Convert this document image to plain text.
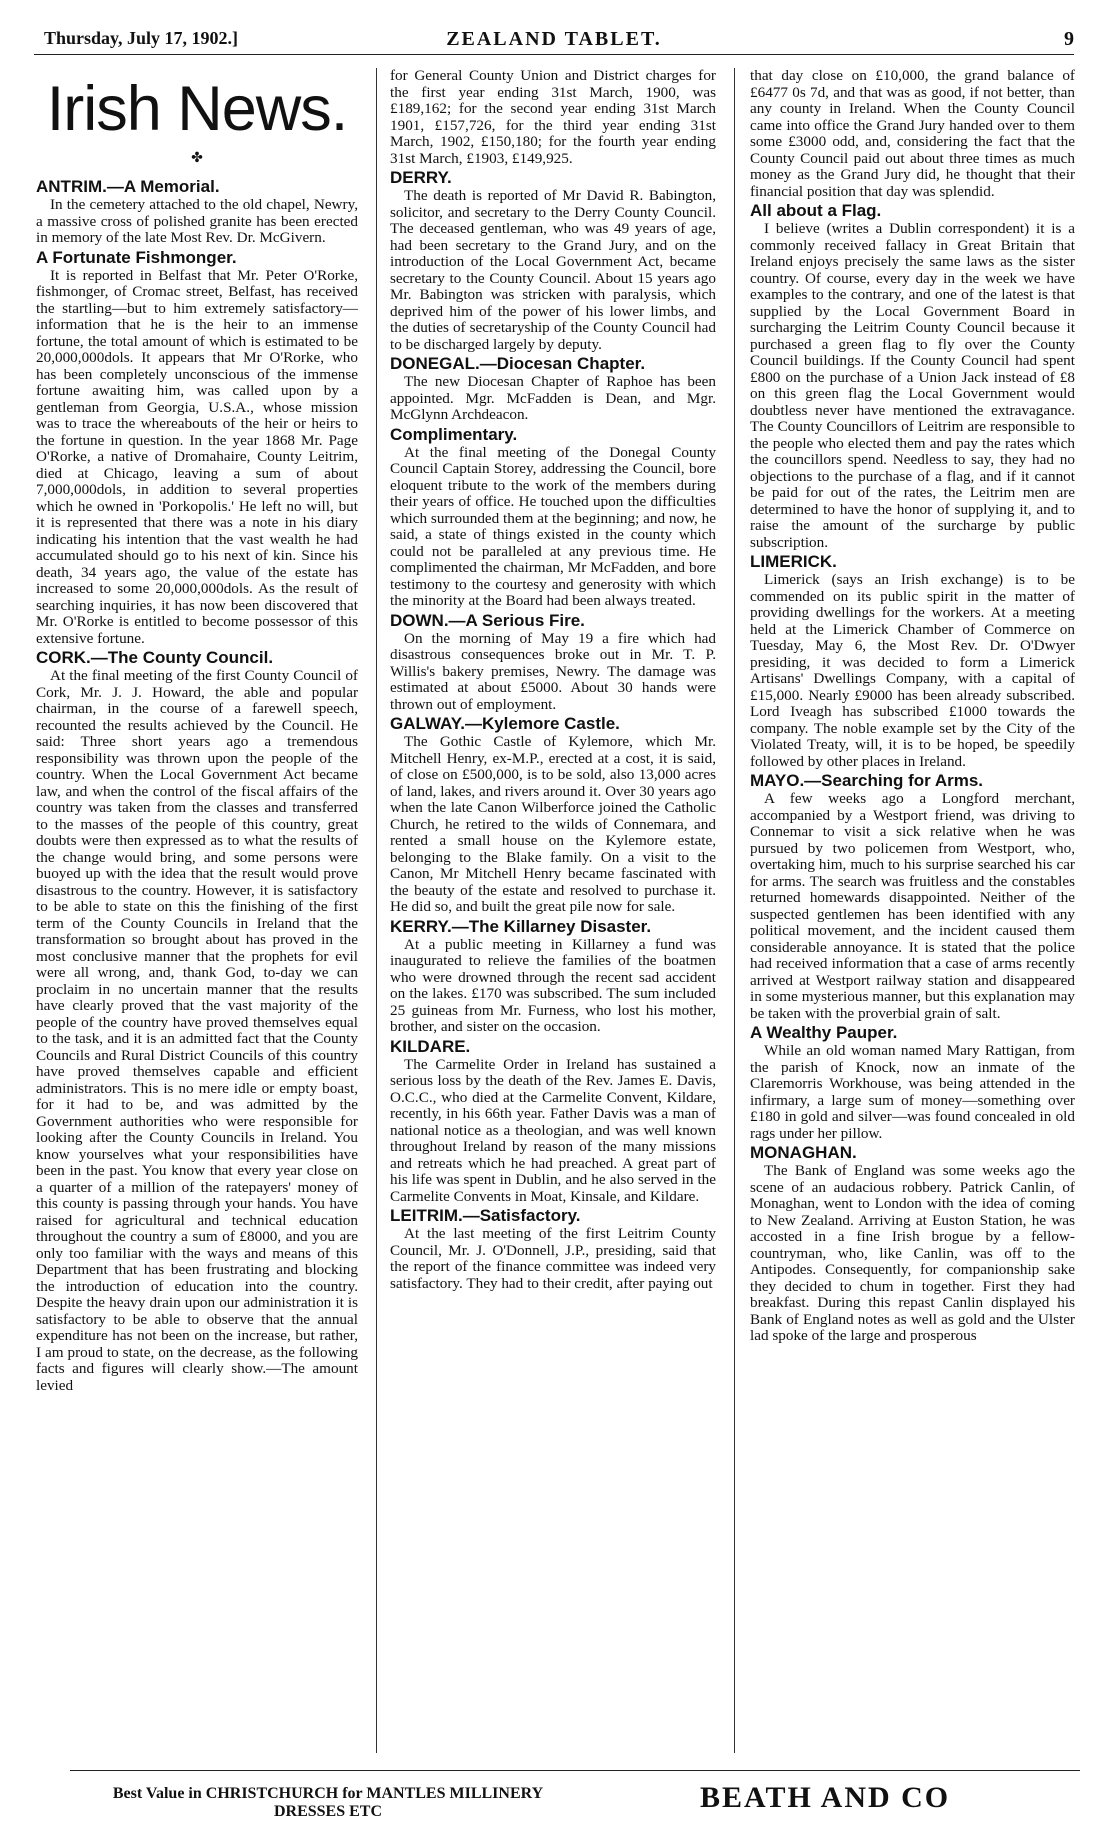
Thursday, July 17, 1902.]	ZEALAND TABLET.	9
Irish News.
✤
ANTRIM.—A Memorial.

In the cemetery attached to the old chapel, Newry, a massive cross of polished granite has been erected in memory of the late Most Rev. Dr. McGivern.

A Fortunate Fishmonger.

It is reported in Belfast that Mr. Peter O'Rorke, fishmonger, of Cromac street, Belfast, has received the startling—but to him extremely satisfactory—information that he is the heir to an immense fortune, the total amount of which is estimated to be 20,000,000dols. It appears that Mr O'Rorke, who has been completely unconscious of the immense fortune awaiting him, was called upon by a gentleman from Georgia, U.S.A., whose mission was to trace the whereabouts of the heir or heirs to the fortune in question. In the year 1868 Mr. Page O'Rorke, a native of Dromahaire, County Leitrim, died at Chicago, leaving a sum of about 7,000,000dols, in addition to several properties which he owned in 'Porkopolis.' He left no will, but it is represented that there was a note in his diary indicating his intention that the vast wealth he had accumulated should go to his next of kin. Since his death, 34 years ago, the value of the estate has increased to some 20,000,000dols. As the result of searching inquiries, it has now been discovered that Mr. O'Rorke is entitled to become possessor of this extensive fortune.

CORK.—The County Council.

At the final meeting of the first County Council of Cork, Mr. J. J. Howard, the able and popular chairman, in the course of a farewell speech, recounted the results achieved by the Council. He said: Three short years ago a tremendous responsibility was thrown upon the people of the country. When the Local Government Act became law, and when the control of the fiscal affairs of the country was taken from the classes and transferred to the masses of the people of this country, great doubts were then expressed as to what the results of the change would bring, and some persons were buoyed up with the idea that the result would prove disastrous to the country. However, it is satisfactory to be able to state on this the finishing of the first term of the County Councils in Ireland that the transformation so brought about has proved in the most conclusive manner that the prophets for evil were all wrong, and, thank God, to-day we can proclaim in no uncertain manner that the results have clearly proved that the vast majority of the people of the country have proved themselves equal to the task, and it is an admitted fact that the County Councils and Rural District Councils of this country have proved themselves capable and efficient administrators. This is no mere idle or empty boast, for it had to be, and was admitted by the Government authorities who were responsible for looking after the County Councils in Ireland. You know yourselves what your responsibilities have been in the past. You know that every year close on a quarter of a million of the ratepayers' money of this county is passing through your hands. You have raised for agricultural and technical education throughout the country a sum of £8000, and you are only too familiar with the ways and means of this Department that has been frustrating and blocking the introduction of education into the country. Despite the heavy drain upon our administration it is satisfactory to be able to observe that the annual expenditure has not been on the increase, but rather, I am proud to state, on the decrease, as the following facts and figures will clearly show.—The amount levied

for General County Union and District charges for the first year ending 31st March, 1900, was £189,162; for the second year ending 31st March 1901, £157,726, for the third year ending 31st March, 1902, £150,180; for the fourth year ending 31st March, £1903, £149,925.

DERRY.

The death is reported of Mr David R. Babington, solicitor, and secretary to the Derry County Council. The deceased gentleman, who was 49 years of age, had been secretary to the Grand Jury, and on the introduction of the Local Government Act, became secretary to the County Council. About 15 years ago Mr. Babington was stricken with paralysis, which deprived him of the power of his lower limbs, and the duties of secretaryship of the County Council had to be discharged largely by deputy.

DONEGAL.—Diocesan Chapter.

The new Diocesan Chapter of Raphoe has been appointed. Mgr. McFadden is Dean, and Mgr. McGlynn Archdeacon.

Complimentary.

At the final meeting of the Donegal County Council Captain Storey, addressing the Council, bore eloquent tribute to the work of the members during their years of office. He touched upon the difficulties which surrounded them at the beginning; and now, he said, a state of things existed in the county which could not be paralleled at any previous time. He complimented the chairman, Mr McFadden, and bore testimony to the courtesy and generosity with which the minority at the Board had been always treated.

DOWN.—A Serious Fire.

On the morning of May 19 a fire which had disastrous consequences broke out in Mr. T. P. Willis's bakery premises, Newry. The damage was estimated at about £5000. About 30 hands were thrown out of employment.

GALWAY.—Kylemore Castle.

The Gothic Castle of Kylemore, which Mr. Mitchell Henry, ex-M.P., erected at a cost, it is said, of close on £500,000, is to be sold, also 13,000 acres of land, lakes, and rivers around it. Over 30 years ago when the late Canon Wilberforce joined the Catholic Church, he retired to the wilds of Connemara, and rented a small house on the Kylemore estate, belonging to the Blake family. On a visit to the Canon, Mr Mitchell Henry became fascinated with the beauty of the estate and resolved to purchase it. He did so, and built the great pile now for sale.

KERRY.—The Killarney Disaster.

At a public meeting in Killarney a fund was inaugurated to relieve the families of the boatmen who were drowned through the recent sad accident on the lakes. £170 was subscribed. The sum included 25 guineas from Mr. Furness, who lost his mother, brother, and sister on the occasion.

KILDARE.

The Carmelite Order in Ireland has sustained a serious loss by the death of the Rev. James E. Davis, O.C.C., who died at the Carmelite Convent, Kildare, recently, in his 66th year. Father Davis was a man of national notice as a theologian, and was well known throughout Ireland by reason of the many missions and retreats which he had preached. A great part of his life was spent in Dublin, and he also served in the Carmelite Convents in Moat, Kinsale, and Kildare.

LEITRIM.—Satisfactory.

At the last meeting of the first Leitrim County Council, Mr. J. O'Donnell, J.P., presiding, said that the report of the finance committee was indeed very satisfactory. They had to their credit, after paying out

that day close on £10,000, the grand balance of £6477 0s 7d, and that was as good, if not better, than any county in Ireland. When the County Council came into office the Grand Jury handed over to them some £3000 odd, and, considering the fact that the County Council paid out about three times as much money as the Grand Jury did, he thought that their financial position that day was splendid.

All about a Flag.

I believe (writes a Dublin correspondent) it is a commonly received fallacy in Great Britain that Ireland enjoys precisely the same laws as the sister country. Of course, every day in the week we have examples to the contrary, and one of the latest is that supplied by the Local Government Board in surcharging the Leitrim County Council because it purchased a green flag to fly over the County Council buildings. If the County Council had spent £800 on the purchase of a Union Jack instead of £8 on this green flag the Local Government would doubtless never have mentioned the extravagance. The County Councillors of Leitrim are responsible to the people who elected them and pay the rates which the councillors spend. Needless to say, they had no objections to the purchase of a flag, and if it cannot be paid for out of the rates, the Leitrim men are determined to have the honor of supplying it, and to raise the amount of the surcharge by public subscription.

LIMERICK.

Limerick (says an Irish exchange) is to be commended on its public spirit in the matter of providing dwellings for the workers. At a meeting held at the Limerick Chamber of Commerce on Tuesday, May 6, the Most Rev. Dr. O'Dwyer presiding, it was decided to form a Limerick Artisans' Dwellings Company, with a capital of £15,000. Nearly £9000 has been already subscribed. Lord Iveagh has subscribed £1000 towards the company. The noble example set by the City of the Violated Treaty, will, it is to be hoped, be speedily followed by other places in Ireland.

MAYO.—Searching for Arms.

A few weeks ago a Longford merchant, accompanied by a Westport friend, was driving to Connemar to visit a sick relative when he was pursued by two policemen from Westport, who, overtaking him, much to his surprise searched his car for arms. The search was fruitless and the constables returned homewards disappointed. Neither of the suspected gentlemen has been identified with any political movement, and the incident caused them considerable annoyance. It is stated that the police had received information that a case of arms recently arrived at Westport railway station and disappeared in some mysterious manner, but this explanation may be taken with the proverbial grain of salt.

A Wealthy Pauper.

While an old woman named Mary Rattigan, from the parish of Knock, now an inmate of the Claremorris Workhouse, was being attended in the infirmary, a large sum of money—something over £180 in gold and silver—was found concealed in old rags under her pillow.

MONAGHAN.

The Bank of England was some weeks ago the scene of an audacious robbery. Patrick Canlin, of Monaghan, went to London with the idea of coming to New Zealand. Arriving at Euston Station, he was accosted in a fine Irish brogue by a fellow-countryman, who, like Canlin, was off to the Antipodes. Consequently, for companionship sake they decided to chum in together. First they had breakfast. During this repast Canlin displayed his Bank of England notes as well as gold and the Ulster lad spoke of the large and prosperous

Best Value in CHRISTCHURCH for MANTLES MILLINERY
DRESSES ETC	BEATH AND CO
